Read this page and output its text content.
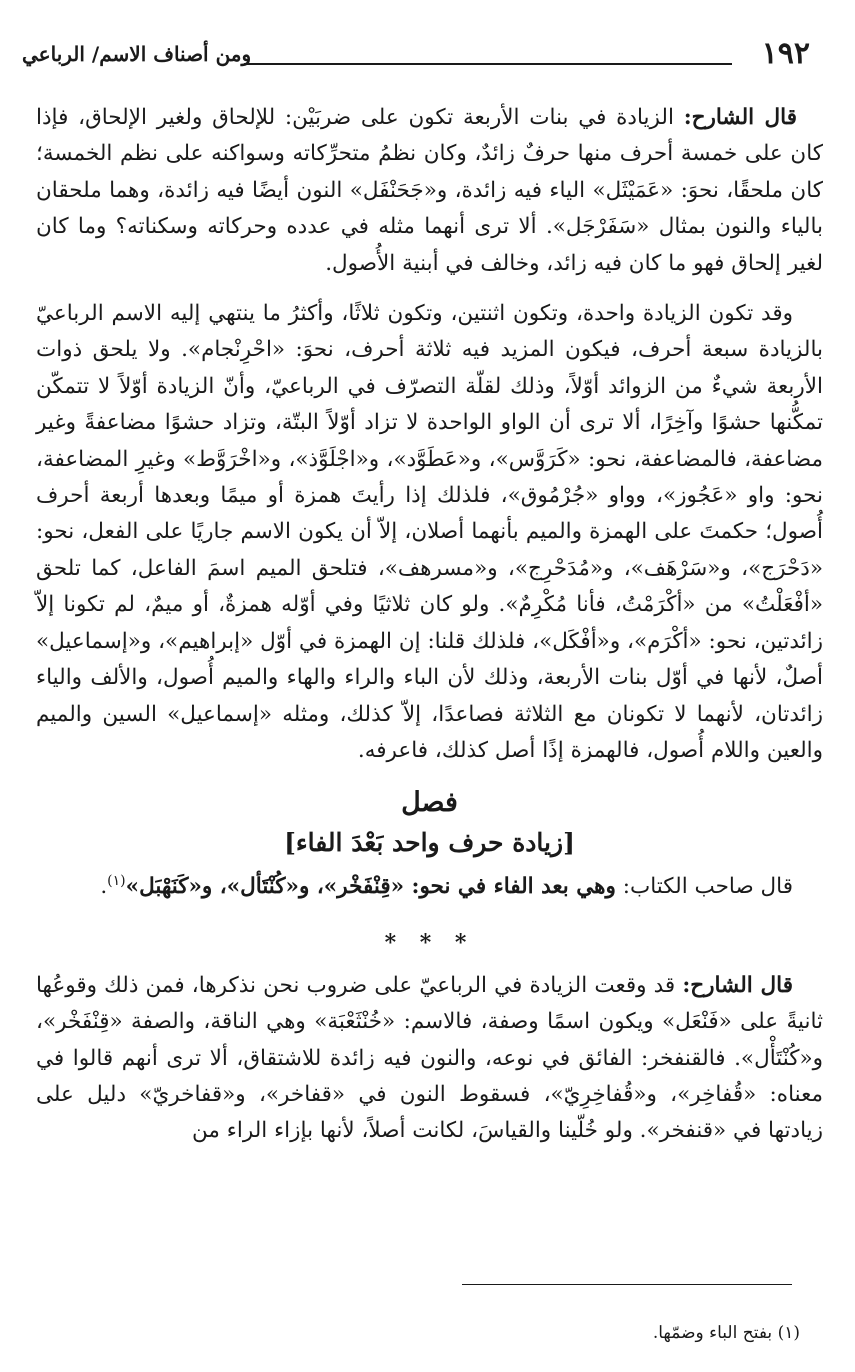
١٩٢
ومن أصناف الاسم/ الرباعي

قال الشارح: الزيادة في بنات الأربعة تكون على ضربَيْن: للإلحاق ولغير الإلحاق، فإذا كان على خمسة أحرف منها حرفٌ زائدٌ، وكان نظمُ متحرِّكاته وسواكنه على نظم الخمسة؛ كان ملحقًا، نحوَ: «عَمَيْثَل» الياء فيه زائدة، و«جَحَنْفَل» النون أيضًا فيه زائدة، وهما ملحقان بالياء والنون بمثال «سَفَرْجَل». ألا ترى أنهما مثله في عدده وحركاته وسكناته؟ وما كان لغير إلحاق فهو ما كان فيه زائد، وخالف في أبنية الأُصول.

وقد تكون الزيادة واحدة، وتكون اثنتين، وتكون ثلاثًا، وأكثرُ ما ينتهي إليه الاسم الرباعيّ بالزيادة سبعة أحرف، فيكون المزيد فيه ثلاثة أحرف، نحوَ: «احْرِنْجام». ولا يلحق ذوات الأربعة شيءٌ من الزوائد أوّلاً، وذلك لقلّة التصرّف في الرباعيّ، وأنّ الزيادة أوّلاً لا تتمكّن تمكُّنها حشوًا وآخِرًا، ألا ترى أن الواو الواحدة لا تزاد أوّلاً البتّة، وتزاد حشوًا مضاعفةً وغير مضاعفة، فالمضاعفة، نحو: «كَرَوَّس»، و«عَطَوَّد»، و«اجْلَوَّذ»، و«اخْرَوَّط» وغيرِ المضاعفة، نحو: واو «عَجُوز»، وواو «جُرْمُوق»، فلذلك إذا رأيتَ همزة أو ميمًا وبعدها أربعة أحرف أُصول؛ حكمتَ على الهمزة والميم بأنهما أصلان، إلاّ أن يكون الاسم جاريًا على الفعل، نحو: «دَحْرَج»، و«سَرْهَف»، و«مُدَحْرِج»، و«مسرهف»، فتلحق الميم اسمَ الفاعل، كما تلحق «أفْعَلْتُ» من «أكْرَمْتُ، فأنا مُكْرِمٌ». ولو كان ثلاثيًا وفي أوّله همزةٌ، أو ميمٌ، لم تكونا إلاّ زائدتين، نحو: «أكْرَم»، و«أفْكَل»، فلذلك قلنا: إن الهمزة في أوّل «إبراهيم»، و«إسماعيل» أصلٌ، لأنها في أوّل بنات الأربعة، وذلك لأن الباء والراء والهاء والميم أُصول، والألف والياء زائدتان، لأنهما لا تكونان مع الثلاثة فصاعدًا، إلاّ كذلك، ومثله «إسماعيل» السين والميم والعين واللام أُصول، فالهمزة إذًا أصل كذلك، فاعرفه.

فصل
[زيادة حرف واحد بَعْدَ الفاء]

قال صاحب الكتاب: وهي بعد الفاء في نحو: «قِنْفَخْر»، و«كُنْتَأل»، و«كَنَهْبَل»$^{(١)}$.

* * *

قال الشارح: قد وقعت الزيادة في الرباعيّ على ضروب نحن نذكرها، فمن ذلك وقوعُها ثانيةً على «فَنْعَل» ويكون اسمًا وصفة، فالاسم: «خُنْثَعْبَة» وهي الناقة، والصفة «قِنْفَخْر»، و«كُنْتَأْل». فالقنفخر: الفائق في نوعه، والنون فيه زائدة للاشتقاق، ألا ترى أنهم قالوا في معناه: «قُفاخِر»، و«قُفاخِرِيّ»، فسقوط النون في «قفاخر»، و«قفاخريّ» دليل على زيادتها في «قنفخر». ولو خُلّينا والقياسَ، لكانت أصلاً، لأنها بإزاء الراء من

(١) بفتح الباء وضمّها.
